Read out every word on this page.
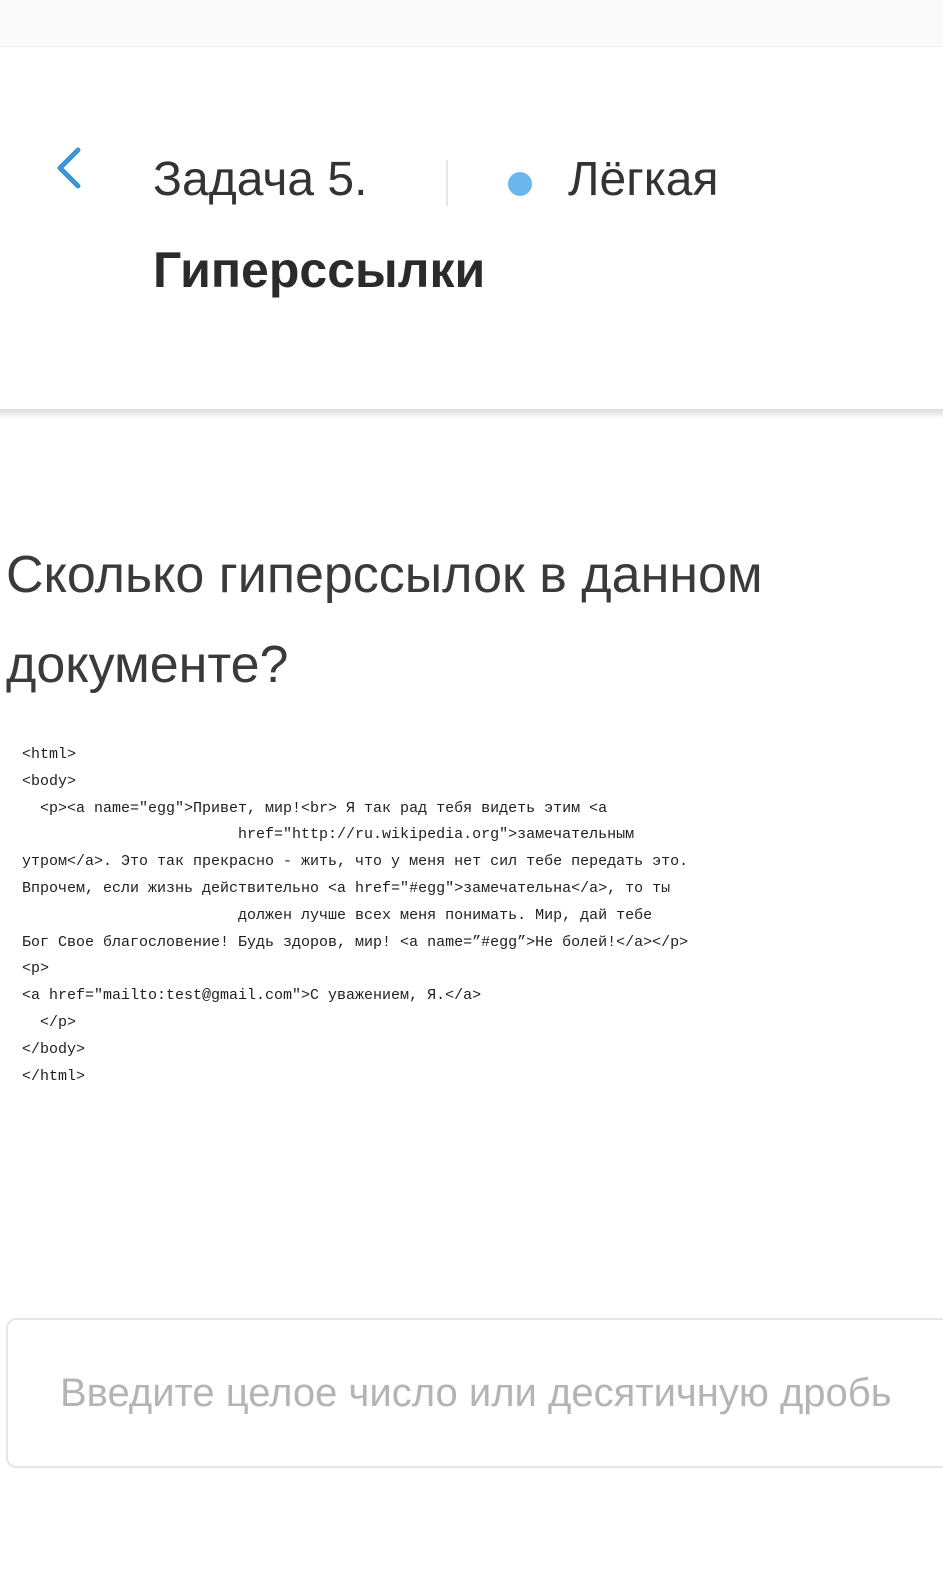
Задача 5.	Лёгкая
Гиперссылки
Сколько гиперссылок в данном документе?
<html>
<body>
<p><a name="egg">Привет, мир!<br> Я так рад тебя видеть этим <a
href="http://ru.wikipedia.org">замечательным
утром</a>. Это так прекрасно - жить, что у меня нет сил тебе передать это.
Впрочем, если жизнь действительно <a href="#egg">замечательна</a>, то ты
должен лучше всех меня понимать. Мир, дай тебе
Бог Свое благословение! Будь здоров, мир! <a name=”#egg”>Не болей!</a></p>
<p>
<a href="mailto:test@gmail.com">С уважением, Я.</a>
</p>
</body>
</html>
Введите целое число или десятичную дробь
